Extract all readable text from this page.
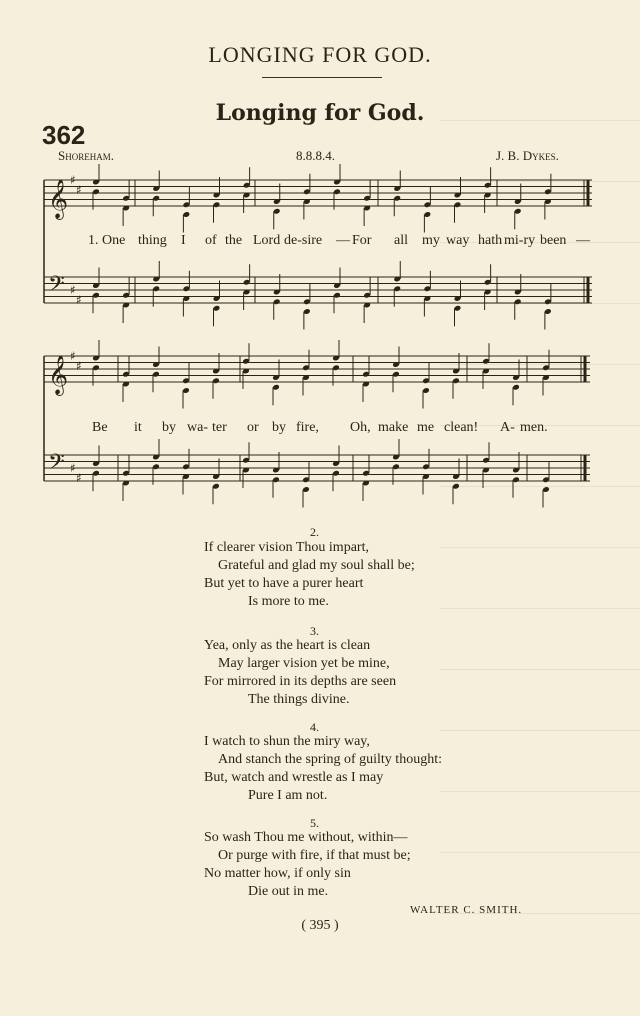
LONGING FOR GOD.
Longing for God.
362
Shoreham.	8.8.8.4.	J. B. Dykes.
𝄞
𝄢
♯
♯
♯
♯
𝄞
𝄢
♯
♯
♯
♯
1. One thing I of the Lord de-sire — For all my way hath mi-ry been —
Be it by wa- ter or by fire, Oh, make me clean! A- men.
2.
If clearer vision Thou impart,
Grateful and glad my soul shall be;
But yet to have a purer heart
Is more to me.
3.
Yea, only as the heart is clean
May larger vision yet be mine,
For mirrored in its depths are seen
The things divine.
4.
I watch to shun the miry way,
And stanch the spring of guilty thought:
But, watch and wrestle as I may
Pure I am not.
5.
So wash Thou me without, within—
Or purge with fire, if that must be;
No matter how, if only sin
Die out in me.
WALTER C. SMITH.
( 395 )
